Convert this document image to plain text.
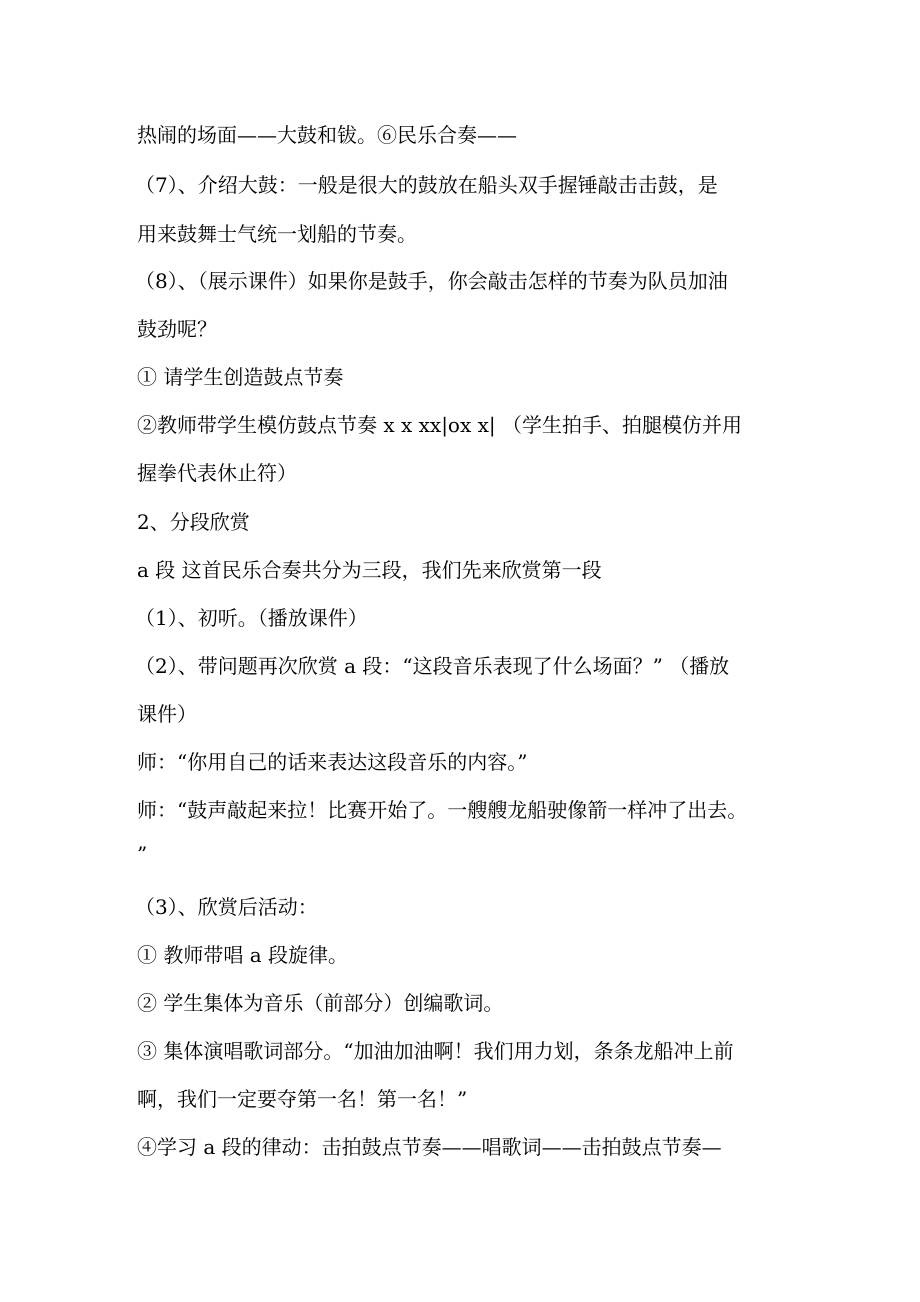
热闹的场面——大鼓和钹。⑥民乐合奏——
（7）、介绍大鼓：一般是很大的鼓放在船头双手握锤敲击击鼓，是
用来鼓舞士气统一划船的节奏。
（8）、（展示课件）如果你是鼓手，你会敲击怎样的节奏为队员加油
鼓劲呢？
① 请学生创造鼓点节奏
②教师带学生模仿鼓点节奏 x x xx|ox x| （学生拍手、拍腿模仿并用
握拳代表休止符）
2、分段欣赏
a 段 这首民乐合奏共分为三段，我们先来欣赏第一段
（1）、初听。（播放课件）
（2）、带问题再次欣赏 a 段：“这段音乐表现了什么场面？” （播放
课件）
师：“你用自己的话来表达这段音乐的内容。”
师：“鼓声敲起来拉！比赛开始了。一艘艘龙船驶像箭一样冲了出去。
”
（3）、欣赏后活动：
① 教师带唱 a 段旋律。
② 学生集体为音乐（前部分）创编歌词。
③ 集体演唱歌词部分。“加油加油啊！我们用力划，条条龙船冲上前
啊，我们一定要夺第一名！第一名！”
④学习 a 段的律动：击拍鼓点节奏——唱歌词——击拍鼓点节奏—
